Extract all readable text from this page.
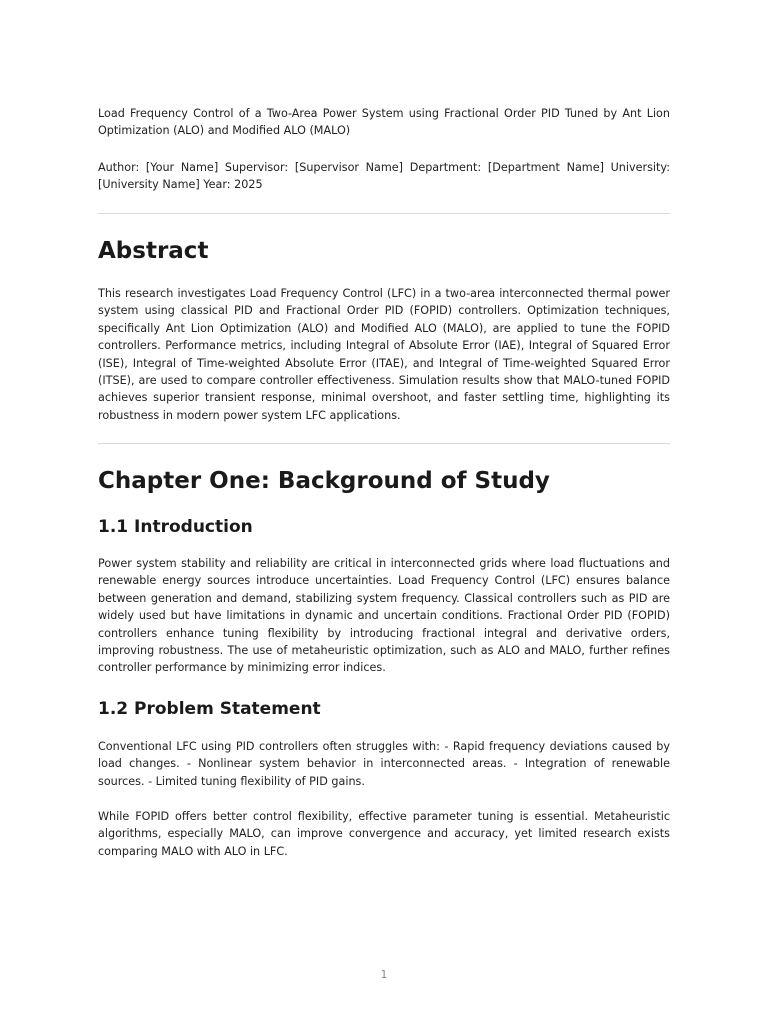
Load Frequency Control of a Two-Area Power System using Fractional Order PID Tuned by Ant Lion Optimization (ALO) and Modified ALO (MALO)

Author: [Your Name] Supervisor: [Supervisor Name] Department: [Department Name] University: [University Name] Year: 2025

Abstract

This research investigates Load Frequency Control (LFC) in a two-area interconnected thermal power system using classical PID and Fractional Order PID (FOPID) controllers. Optimization techniques, specifically Ant Lion Optimization (ALO) and Modified ALO (MALO), are applied to tune the FOPID controllers. Performance metrics, including Integral of Absolute Error (IAE), Integral of Squared Error (ISE), Integral of Time-weighted Absolute Error (ITAE), and Integral of Time-weighted Squared Error (ITSE), are used to compare controller effectiveness. Simulation results show that MALO-tuned FOPID achieves superior transient response, minimal overshoot, and faster settling time, highlighting its robustness in modern power system LFC applications.

Chapter One: Background of Study
1.1 Introduction

Power system stability and reliability are critical in interconnected grids where load fluctuations and renewable energy sources introduce uncertainties. Load Frequency Control (LFC) ensures balance between generation and demand, stabilizing system frequency. Classical controllers such as PID are widely used but have limitations in dynamic and uncertain conditions. Fractional Order PID (FOPID) controllers enhance tuning flexibility by introducing fractional integral and derivative orders, improving robustness. The use of metaheuristic optimization, such as ALO and MALO, further refines controller performance by minimizing error indices.

1.2 Problem Statement

Conventional LFC using PID controllers often struggles with: - Rapid frequency deviations caused by load changes. - Nonlinear system behavior in interconnected areas. - Integration of renewable sources. - Limited tuning flexibility of PID gains.

While FOPID offers better control flexibility, effective parameter tuning is essential. Metaheuristic algorithms, especially MALO, can improve convergence and accuracy, yet limited research exists comparing MALO with ALO in LFC.

1
